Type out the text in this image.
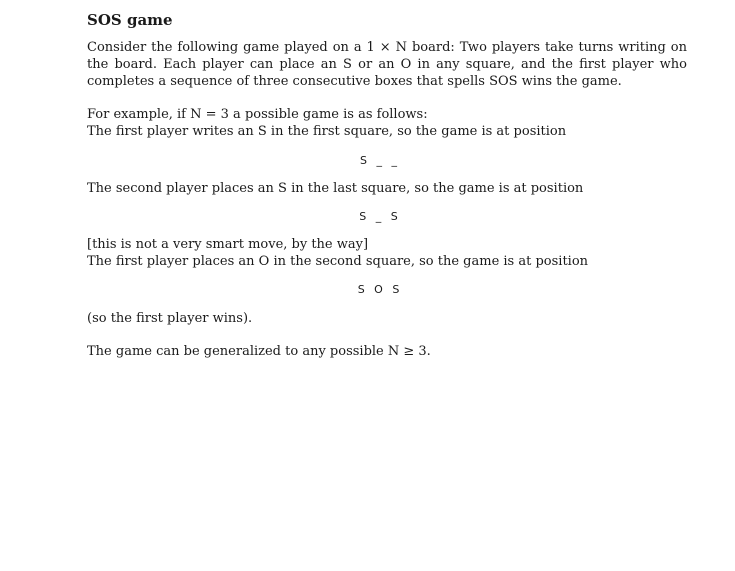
SOS game
Consider the following game played on a 1 × N board: Two players take turns writing on the board. Each player can place an S or an O in any square, and the first player who completes a sequence of three consecutive boxes that spells SOS wins the game.
For example, if N = 3 a possible game is as follows:
The first player writes an S in the first square, so the game is at position
S _ _
The second player places an S in the last square, so the game is at position
S _ S
[this is not a very smart move, by the way]
The first player places an O in the second square, so the game is at position
S O S
(so the first player wins).
The game can be generalized to any possible N ≥ 3.
